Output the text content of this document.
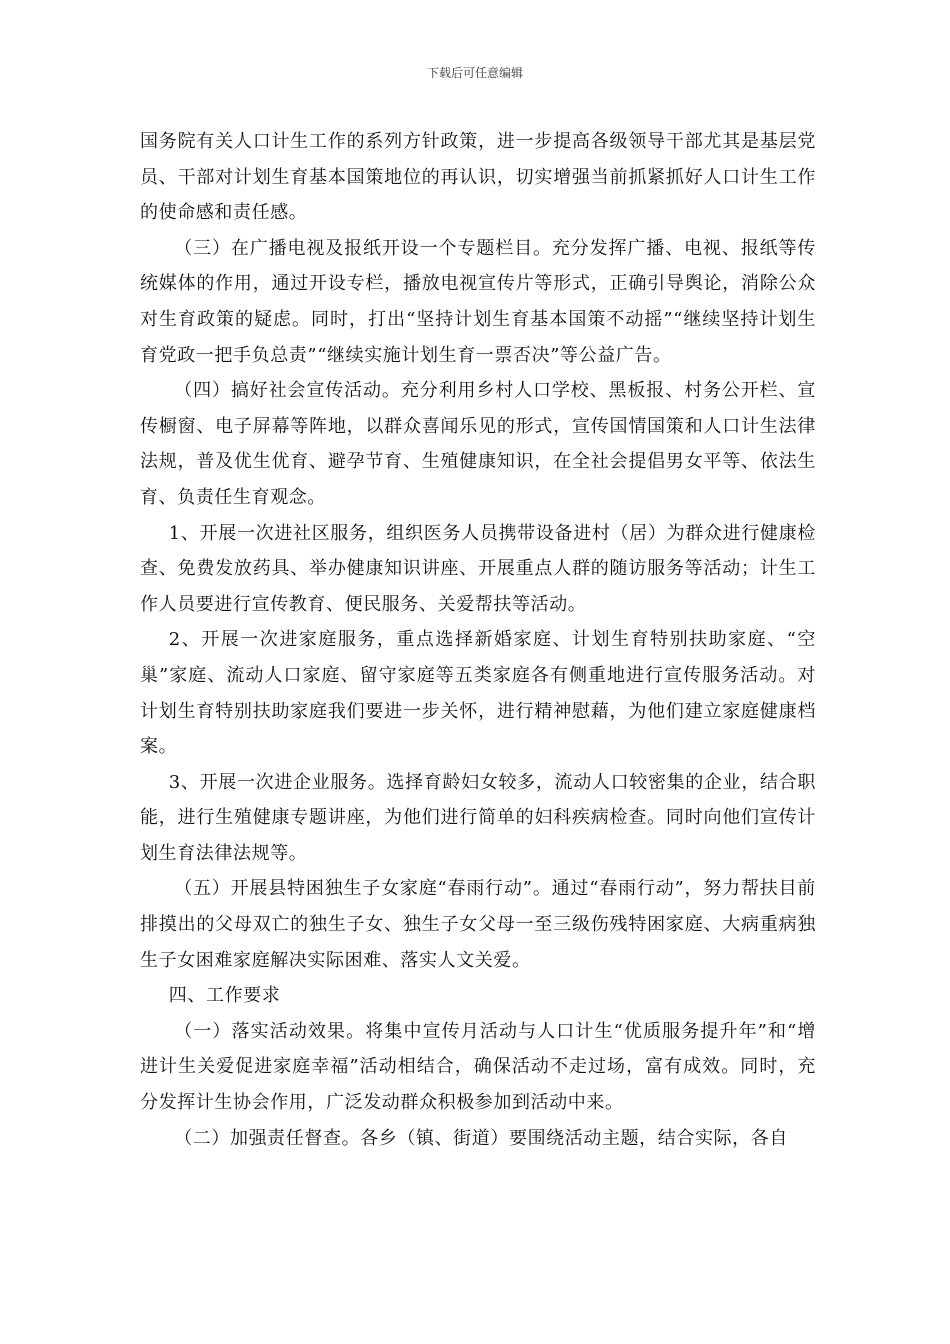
下载后可任意编辑

国务院有关人口计生工作的系列方针政策，进一步提高各级领导干部尤其是基层党员、干部对计划生育基本国策地位的再认识，切实增强当前抓紧抓好人口计生工作的使命感和责任感。

（三）在广播电视及报纸开设一个专题栏目。充分发挥广播、电视、报纸等传统媒体的作用，通过开设专栏，播放电视宣传片等形式，正确引导舆论，消除公众对生育政策的疑虑。同时，打出“坚持计划生育基本国策不动摇”“继续坚持计划生育党政一把手负总责”“继续实施计划生育一票否决”等公益广告。

（四）搞好社会宣传活动。充分利用乡村人口学校、黑板报、村务公开栏、宣传橱窗、电子屏幕等阵地，以群众喜闻乐见的形式，宣传国情国策和人口计生法律法规，普及优生优育、避孕节育、生殖健康知识，在全社会提倡男女平等、依法生育、负责任生育观念。

1、开展一次进社区服务，组织医务人员携带设备进村（居）为群众进行健康检查、免费发放药具、举办健康知识讲座、开展重点人群的随访服务等活动；计生工作人员要进行宣传教育、便民服务、关爱帮扶等活动。

2、开展一次进家庭服务，重点选择新婚家庭、计划生育特别扶助家庭、“空巢”家庭、流动人口家庭、留守家庭等五类家庭各有侧重地进行宣传服务活动。对计划生育特别扶助家庭我们要进一步关怀，进行精神慰藉，为他们建立家庭健康档案。

3、开展一次进企业服务。选择育龄妇女较多，流动人口较密集的企业，结合职能，进行生殖健康专题讲座，为他们进行简单的妇科疾病检查。同时向他们宣传计划生育法律法规等。

（五）开展县特困独生子女家庭“春雨行动”。通过“春雨行动”，努力帮扶目前排摸出的父母双亡的独生子女、独生子女父母一至三级伤残特困家庭、大病重病独生子女困难家庭解决实际困难、落实人文关爱。

四、工作要求

（一）落实活动效果。将集中宣传月活动与人口计生“优质服务提升年”和“增进计生关爱促进家庭幸福”活动相结合，确保活动不走过场，富有成效。同时，充分发挥计生协会作用，广泛发动群众积极参加到活动中来。

（二）加强责任督查。各乡（镇、街道）要围绕活动主题，结合实际，各自
